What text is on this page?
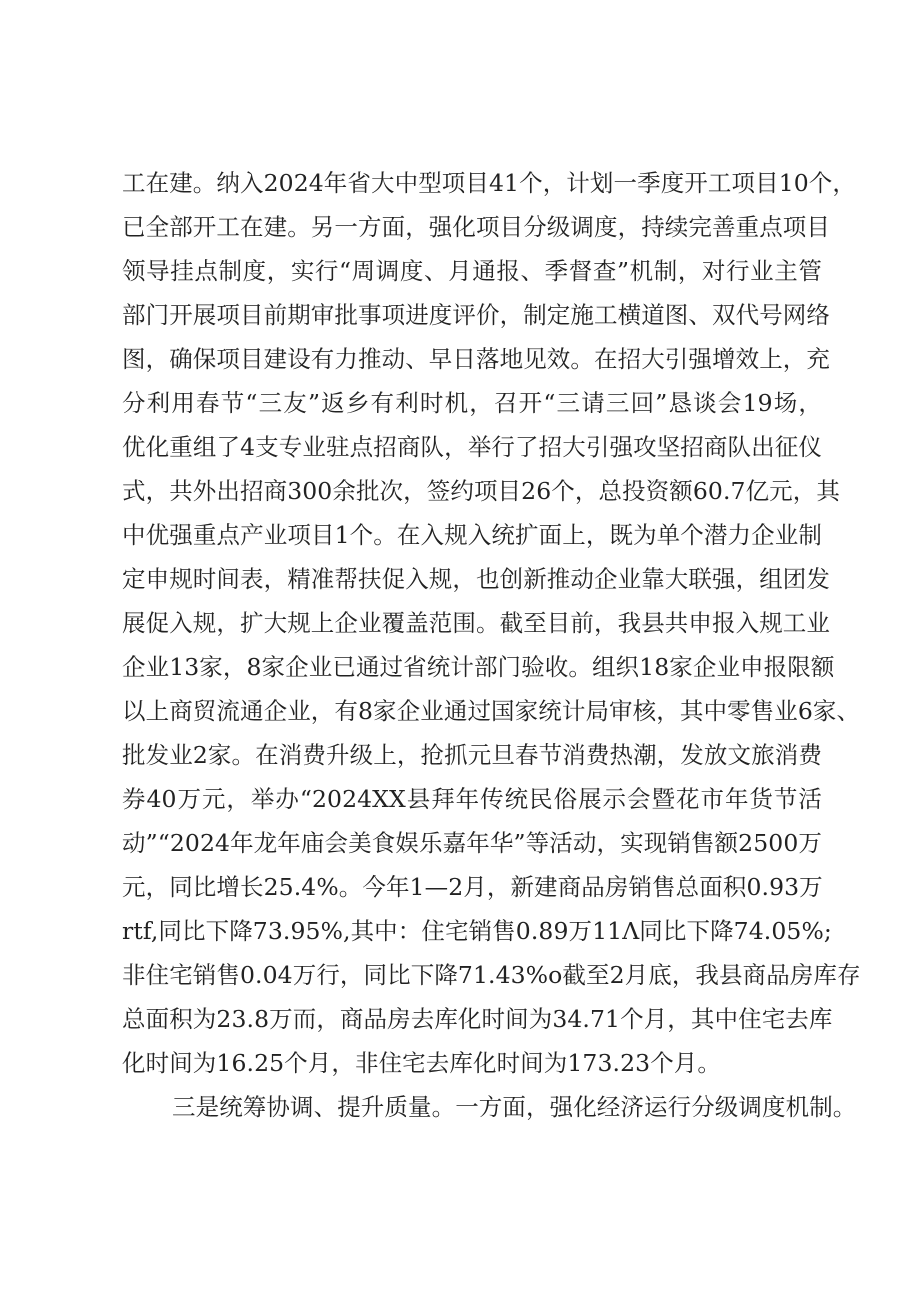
工在建。纳入2024年省大中型项目41个，计划一季度开工项目10个，
已全部开工在建。另一方面，强化项目分级调度，持续完善重点项目
领导挂点制度，实行“周调度、月通报、季督查”机制，对行业主管
部门开展项目前期审批事项进度评价，制定施工横道图、双代号网络
图，确保项目建设有力推动、早日落地见效。在招大引强增效上，充
分利用春节“三友”返乡有利时机，召开“三请三回”恳谈会19场，
优化重组了4支专业驻点招商队，举行了招大引强攻坚招商队出征仪
式，共外出招商300余批次，签约项目26个，总投资额60.7亿元，其
中优强重点产业项目1个。在入规入统扩面上，既为单个潜力企业制
定申规时间表，精准帮扶促入规，也创新推动企业靠大联强，组团发
展促入规，扩大规上企业覆盖范围。截至目前，我县共申报入规工业
企业13家，8家企业已通过省统计部门验收。组织18家企业申报限额
以上商贸流通企业，有8家企业通过国家统计局审核，其中零售业6家、
批发业2家。在消费升级上，抢抓元旦春节消费热潮，发放文旅消费
券40万元，举办“2024XX县拜年传统民俗展示会暨花市年货节活
动”“2024年龙年庙会美食娱乐嘉年华”等活动，实现销售额2500万
元，同比增长25.4%。今年1—2月，新建商品房销售总面积0.93万
rtf,同比下降73.95%,其中：住宅销售0.89万11Λ同比下降74.05%;
非住宅销售0.04万行，同比下降71.43%o截至2月底，我县商品房库存
总面积为23.8万而，商品房去库化时间为34.71个月，其中住宅去库
化时间为16.25个月，非住宅去库化时间为173.23个月。
三是统筹协调、提升质量。一方面，强化经济运行分级调度机制。
